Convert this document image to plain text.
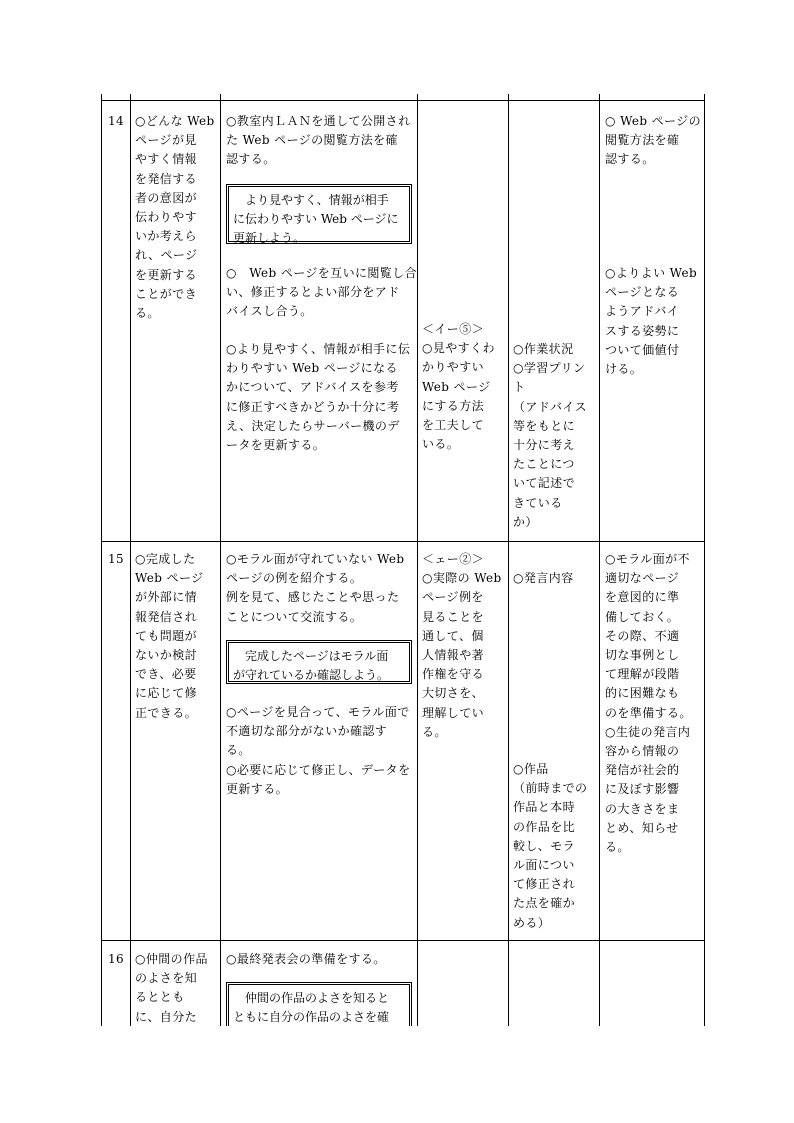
14 ○どんな Web
ページが見
やすく情報
を発信する
者の意図が
伝わりやす
いか考えら
れ、ページ
を更新する
ことができ
る。
○教室内ＬＡＮを通して公開され
た Web ページの閲覧方法を確
認する。
　より見やすく、情報が相手
に伝わりやすい Web ページに
更新しよう。
○　Web ページを互いに閲覧し合
い、修正するとよい部分をアド
バイスし合う。
○より見やすく、情報が相手に伝
わりやすい Web ページになる
かについて、アドバイスを参考
に修正すべきかどうか十分に考
え、決定したらサーバー機のデ
ータを更新する。
＜イー⑤＞
○見やすくわ
かりやすい
Web ページ
にする方法
を工夫して
いる。
○作業状況
○学習プリン
ト
（アドバイス
等をもとに
十分に考え
たことにつ
いて記述で
きている
か）
○ Web ページの
閲覧方法を確
認する。
○よりよい Web
ページとなる
ようアドバイ
スする姿勢に
ついて価値付
ける。
15 ○完成した
Web ページ
が外部に情
報発信され
ても問題が
ないか検討
でき、必要
に応じて修
正できる。
○モラル面が守れていない Web
ページの例を紹介する。
例を見て、感じたことや思った
ことについて交流する。
　完成したページはモラル面
が守れているか確認しよう。
○ページを見合って、モラル面で
不適切な部分がないか確認す
る。
○必要に応じて修正し、データを
更新する。
＜ェー②＞
○実際の Web
ページ例を
見ることを
通して、個
人情報や著
作権を守る
大切さを、
理解してい
る。
○発言内容
○作品
（前時までの
作品と本時
の作品を比
較し、モラ
ル面につい
て修正され
た点を確か
める）
○モラル面が不
適切なページ
を意図的に準
備しておく。
その際、不適
切な事例とし
て理解が段階
的に困難なも
のを準備する。
○生徒の発言内
容から情報の
発信が社会的
に及ぼす影響
の大きさをま
とめ、知らせ
る。
16 ○仲間の作品
のよさを知
るととも
に、自分た
○最終発表会の準備をする。
　仲間の作品のよさを知ると
ともに自分の作品のよさを確
